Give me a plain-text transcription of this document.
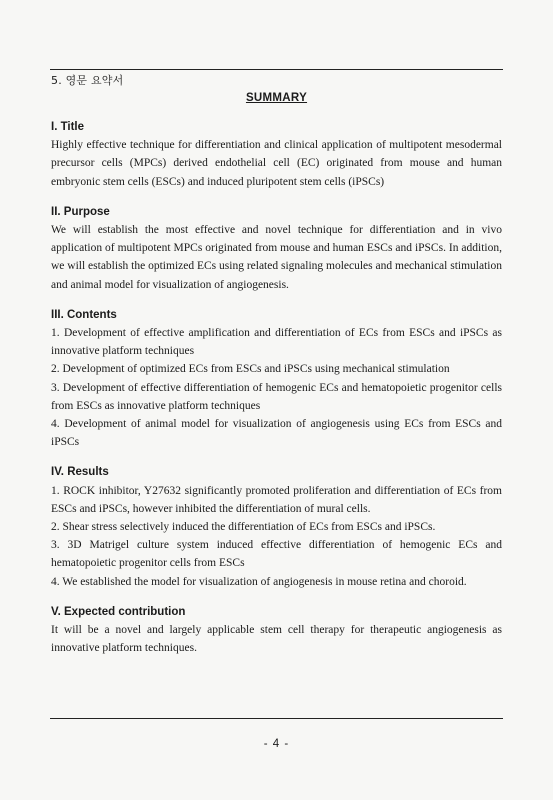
5. 영문 요약서
SUMMARY
I. Title
Highly effective technique for differentiation and clinical application of multipotent mesodermal precursor cells (MPCs) derived endothelial cell (EC) originated from mouse and human embryonic stem cells (ESCs) and induced pluripotent stem cells (iPSCs)
II. Purpose
We will establish the most effective and novel technique for differentiation and in vivo application of multipotent MPCs originated from mouse and human ESCs and iPSCs. In addition, we will establish the optimized ECs using related signaling molecules and mechanical stimulation and animal model for visualization of angiogenesis.
III. Contents
1. Development of effective amplification and differentiation of ECs from ESCs and iPSCs as innovative platform techniques
2. Development of optimized ECs from ESCs and iPSCs using mechanical stimulation
3. Development of effective differentiation of hemogenic ECs and hematopoietic progenitor cells from ESCs as innovative platform techniques
4. Development of animal model for visualization of angiogenesis using ECs from ESCs and iPSCs
IV. Results
1. ROCK inhibitor, Y27632 significantly promoted proliferation and differentiation of ECs from ESCs and iPSCs, however inhibited the differentiation of mural cells.
2. Shear stress selectively induced the differentiation of ECs from ESCs and iPSCs.
3. 3D Matrigel culture system induced effective differentiation of hemogenic ECs and hematopoietic progenitor cells from ESCs
4. We established the model for visualization of angiogenesis in mouse retina and choroid.
V. Expected contribution
It will be a novel and largely applicable stem cell therapy for therapeutic angiogenesis as innovative platform techniques.
- 4 -
